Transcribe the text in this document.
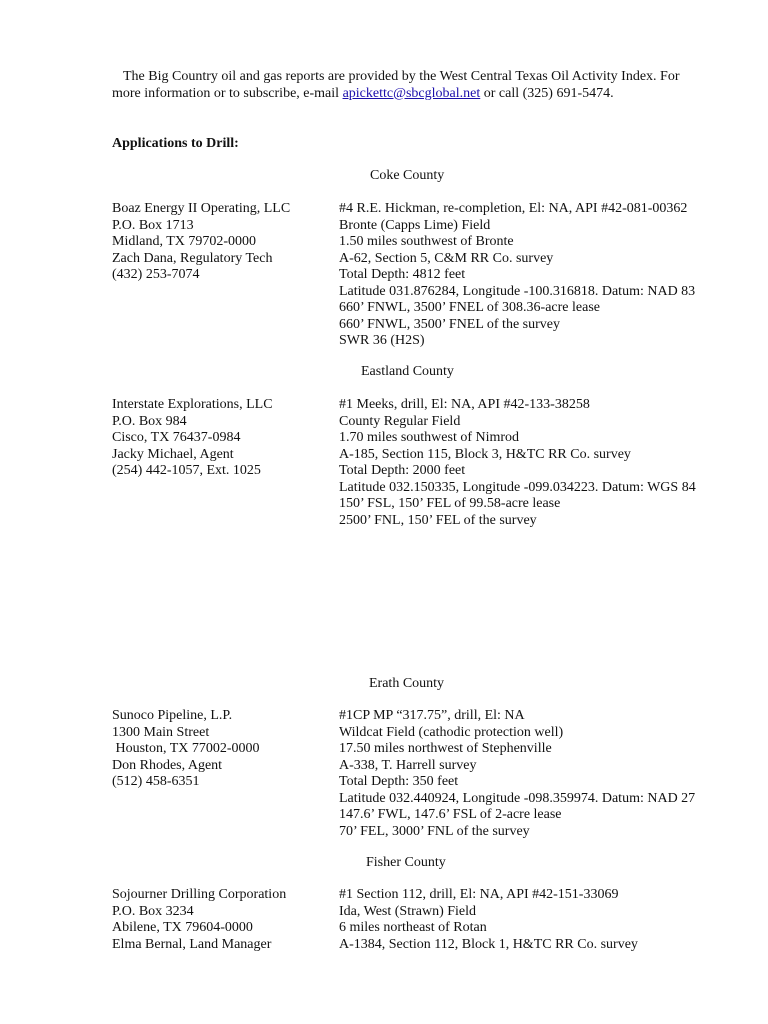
The Big Country oil and gas reports are provided by the West Central Texas Oil Activity Index. For
more information or to subscribe, e-mail apickettc@sbcglobal.net or call (325) 691-5474.
Applications to Drill:
Coke County
Boaz Energy II Operating, LLC
P.O. Box 1713
Midland, TX 79702-0000
Zach Dana, Regulatory Tech
(432) 253-7074
#4 R.E. Hickman, re-completion, El: NA, API #42-081-00362
Bronte (Capps Lime) Field
1.50 miles southwest of Bronte
A-62, Section 5, C&M RR Co. survey
Total Depth: 4812 feet
Latitude 031.876284, Longitude -100.316818. Datum: NAD 83
660’ FNWL, 3500’ FNEL of 308.36-acre lease
660’ FNWL, 3500’ FNEL of the survey
SWR 36 (H2S)
Eastland County
Interstate Explorations, LLC
P.O. Box 984
Cisco, TX 76437-0984
Jacky Michael, Agent
(254) 442-1057, Ext. 1025
#1 Meeks, drill, El: NA, API #42-133-38258
County Regular Field
1.70 miles southwest of Nimrod
A-185, Section 115, Block 3, H&TC RR Co. survey
Total Depth: 2000 feet
Latitude 032.150335, Longitude -099.034223. Datum: WGS 84
150’ FSL, 150’ FEL of 99.58-acre lease
2500’ FNL, 150’ FEL of the survey
Erath County
Sunoco Pipeline, L.P.
1300 Main Street
Houston, TX 77002-0000
Don Rhodes, Agent
(512) 458-6351
#1CP MP “317.75”, drill, El: NA
Wildcat Field (cathodic protection well)
17.50 miles northwest of Stephenville
A-338, T. Harrell survey
Total Depth: 350 feet
Latitude 032.440924, Longitude -098.359974. Datum: NAD 27
147.6’ FWL, 147.6’ FSL of 2-acre lease
70’ FEL, 3000’ FNL of the survey
Fisher County
Sojourner Drilling Corporation
P.O. Box 3234
Abilene, TX 79604-0000
Elma Bernal, Land Manager
#1 Section 112, drill, El: NA, API #42-151-33069
Ida, West (Strawn) Field
6 miles northeast of Rotan
A-1384, Section 112, Block 1, H&TC RR Co. survey
